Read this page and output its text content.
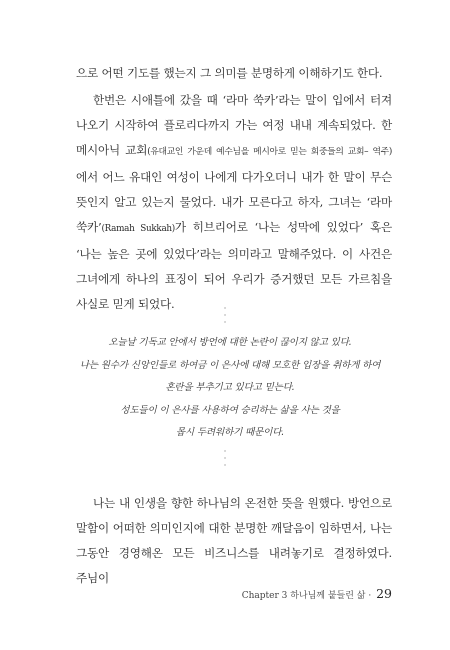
으로 어떤 기도를 했는지 그 의미를 분명하게 이해하기도 한다.

한번은 시애틀에 갔을 때 ‘라마 쑥카’라는 말이 입에서 터져 나오기 시작하여 플로리다까지 가는 여정 내내 계속되었다. 한 메시아닉 교회(유대교인 가운데 예수님을 메시아로 믿는 회중들의 교회– 역주)에서 어느 유대인 여성이 나에게 다가오더니 내가 한 말이 무슨 뜻인지 알고 있는지 물었다. 내가 모른다고 하자, 그녀는 ‘라마 쑥카’(Ramah Sukkah)가 히브리어로 ‘나는 성막에 있었다’ 혹은 ‘나는 높은 곳에 있었다’라는 의미라고 말해주었다. 이 사건은 그녀에게 하나의 표징이 되어 우리가 증거했던 모든 가르침을 사실로 믿게 되었다.	·
·
·
오늘날 기독교 안에서 방언에 대한 논란이 끊이지 않고 있다.
나는 원수가 신앙인들로 하여금 이 은사에 대해 모호한 입장을 취하게 하여
혼란을 부추기고 있다고 믿는다.
성도들이 이 은사를 사용하여 승리하는 삶을 사는 것을
몹시 두려워하기 때문이다.
·
·
·

나는 내 인생을 향한 하나님의 온전한 뜻을 원했다. 방언으로 말함이 어떠한 의미인지에 대한 분명한 깨달음이 임하면서, 나는 그동안 경영해온 모든 비즈니스를 내려놓기로 결정하였다. 주님이

Chapter 3 하나님께 붙들린 삶 · 29
